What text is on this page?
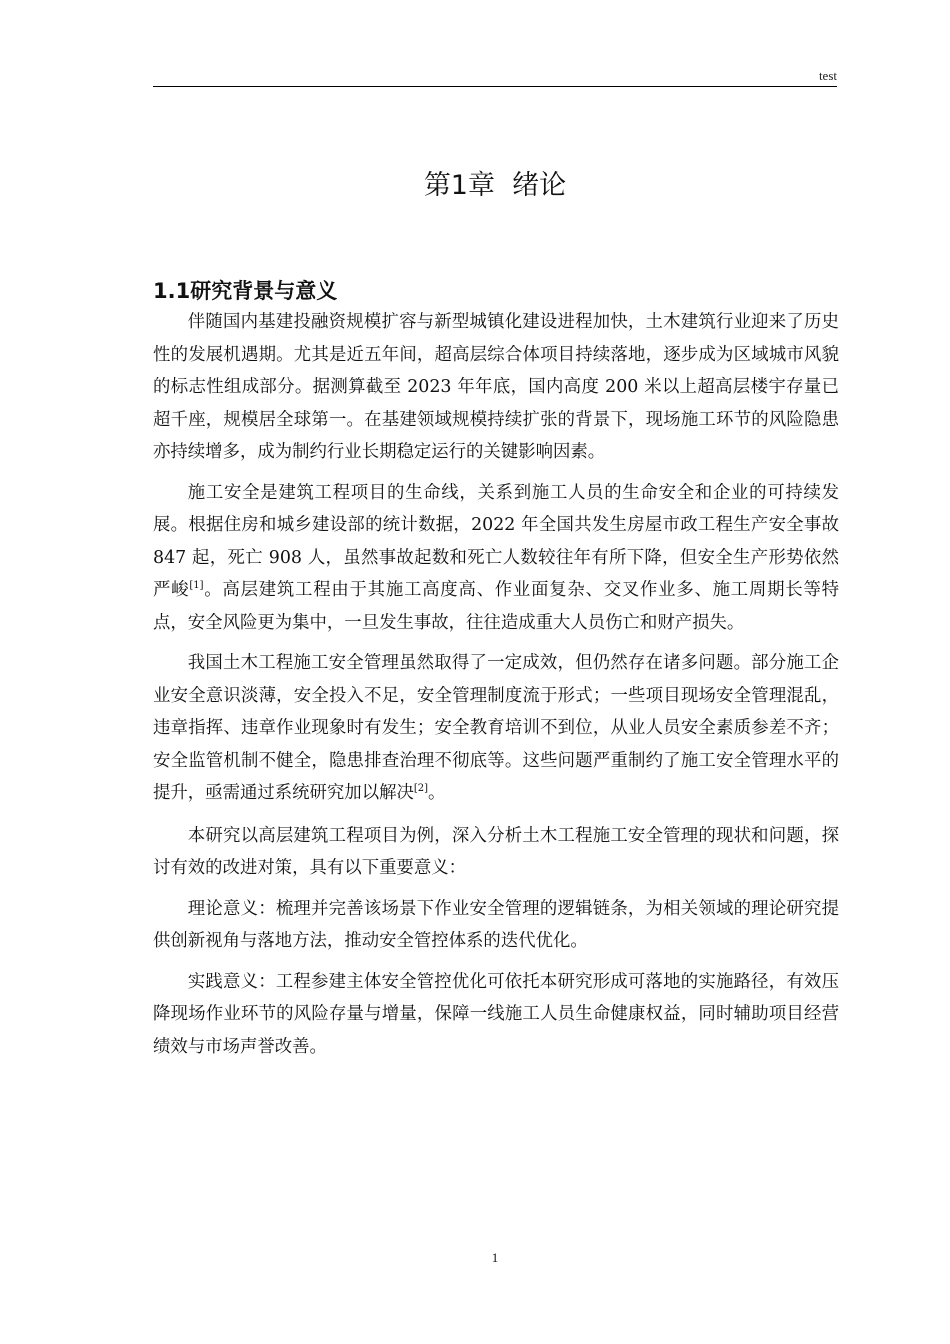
test
第1章 绪论
1.1研究背景与意义

伴随国内基建投融资规模扩容与新型城镇化建设进程加快，土木建筑行业迎来了历史性的发展机遇期。尤其是近五年间，超高层综合体项目持续落地，逐步成为区域城市风貌的标志性组成部分。据测算截至 2023 年年底，国内高度 200 米以上超高层楼宇存量已超千座，规模居全球第一。在基建领域规模持续扩张的背景下，现场施工环节的风险隐患亦持续增多，成为制约行业长期稳定运行的关键影响因素。

施工安全是建筑工程项目的生命线，关系到施工人员的生命安全和企业的可持续发展。根据住房和城乡建设部的统计数据，2022 年全国共发生房屋市政工程生产安全事故 847 起，死亡 908 人，虽然事故起数和死亡人数较往年有所下降，但安全生产形势依然严峻[1]。高层建筑工程由于其施工高度高、作业面复杂、交叉作业多、施工周期长等特点，安全风险更为集中，一旦发生事故，往往造成重大人员伤亡和财产损失。

我国土木工程施工安全管理虽然取得了一定成效，但仍然存在诸多问题。部分施工企业安全意识淡薄，安全投入不足，安全管理制度流于形式；一些项目现场安全管理混乱，违章指挥、违章作业现象时有发生；安全教育培训不到位，从业人员安全素质参差不齐；安全监管机制不健全，隐患排查治理不彻底等。这些问题严重制约了施工安全管理水平的提升，亟需通过系统研究加以解决[2]。

本研究以高层建筑工程项目为例，深入分析土木工程施工安全管理的现状和问题，探讨有效的改进对策，具有以下重要意义：

理论意义：梳理并完善该场景下作业安全管理的逻辑链条，为相关领域的理论研究提供创新视角与落地方法，推动安全管控体系的迭代优化。

实践意义：工程参建主体安全管控优化可依托本研究形成可落地的实施路径，有效压降现场作业环节的风险存量与增量，保障一线施工人员生命健康权益，同时辅助项目经营绩效与市场声誉改善。

1
